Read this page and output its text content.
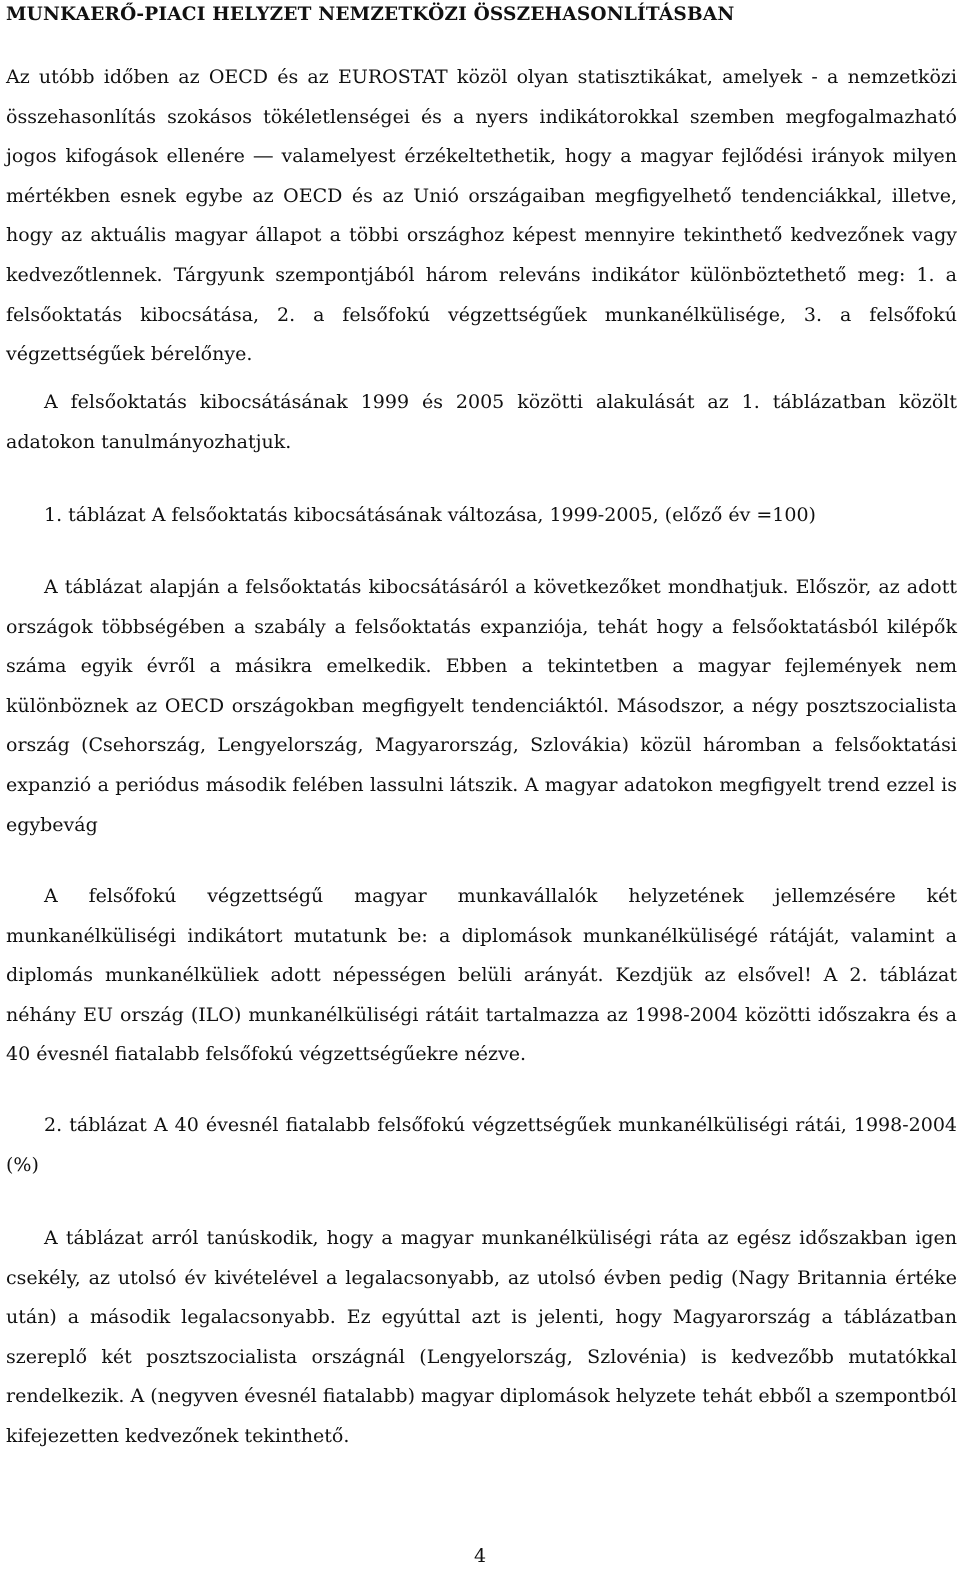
MUNKAERŐ-PIACI HELYZET NEMZETKÖZI ÖSSZEHASONLÍTÁSBAN

Az utóbb időben az OECD és az EUROSTAT közöl olyan statisztikákat, amelyek - a nemzetközi összehasonlítás szokásos tökéletlenségei és a nyers indikátorokkal szemben megfogalmazható jogos kifogások ellenére ― valamelyest érzékeltethetik, hogy a magyar fejlődési irányok milyen mértékben esnek egybe az OECD és az Unió országaiban megfigyelhető tendenciákkal, illetve, hogy az aktuális magyar állapot a többi országhoz képest mennyire tekinthető kedvezőnek vagy kedvezőtlennek. Tárgyunk szempontjából három releváns indikátor különböztethető meg: 1. a felsőoktatás kibocsátása, 2. a felsőfokú végzettségűek munkanélkülisége, 3. a felsőfokú végzettségűek bérelőnye.

A felsőoktatás kibocsátásának 1999 és 2005 közötti alakulását az 1. táblázatban közölt adatokon tanulmányozhatjuk.

1. táblázat A felsőoktatás kibocsátásának változása, 1999-2005, (előző év =100)

A táblázat alapján a felsőoktatás kibocsátásáról a következőket mondhatjuk. Először, az adott országok többségében a szabály a felsőoktatás expanziója, tehát hogy a felsőoktatásból kilépők száma egyik évről a másikra emelkedik. Ebben a tekintetben a magyar fejlemények nem különböznek az OECD országokban megfigyelt tendenciáktól. Másodszor, a négy posztszocialista ország (Csehország, Lengyelország, Magyarország, Szlovákia) közül háromban a felsőoktatási expanzió a periódus második felében lassulni látszik. A magyar adatokon megfigyelt trend ezzel is egybevág

A felsőfokú végzettségű magyar munkavállalók helyzetének jellemzésére két munkanélküliségi indikátort mutatunk be: a diplomások munkanélküliségé rátáját, valamint a diplomás munkanélküliek adott népességen belüli arányát. Kezdjük az elsővel! A 2. táblázat néhány EU ország (ILO) munkanélküliségi rátáit tartalmazza az 1998-2004 közötti időszakra és a 40 évesnél fiatalabb felsőfokú végzettségűekre nézve.

2. táblázat A 40 évesnél fiatalabb felsőfokú végzettségűek munkanélküliségi rátái, 1998-2004 (%)

A táblázat arról tanúskodik, hogy a magyar munkanélküliségi ráta az egész időszakban igen csekély, az utolsó év kivételével a legalacsonyabb, az utolsó évben pedig (Nagy Britannia értéke után) a második legalacsonyabb. Ez egyúttal azt is jelenti, hogy Magyarország a táblázatban szereplő két posztszocialista országnál (Lengyelország, Szlovénia) is kedvezőbb mutatókkal rendelkezik. A (negyven évesnél fiatalabb) magyar diplomások helyzete tehát ebből a szempontból kifejezetten kedvezőnek tekinthető.

4
